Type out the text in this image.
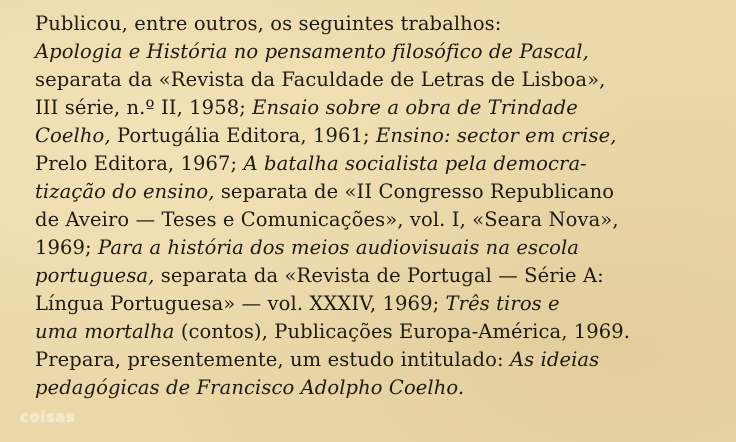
Publicou, entre outros, os seguintes trabalhos:
Apologia e História no pensamento filosófico de Pascal,
separata da «Revista da Faculdade de Letras de Lisboa»,
III série, n.º II, 1958; Ensaio sobre a obra de Trindade
Coelho, Portugália Editora, 1961; Ensino: sector em crise,
Prelo Editora, 1967; A batalha socialista pela democra-
tização do ensino, separata de «II Congresso Republicano
de Aveiro — Teses e Comunicações», vol. I, «Seara Nova»,
1969; Para a história dos meios audiovisuais na escola
portuguesa, separata da «Revista de Portugal — Série A:
Língua Portuguesa» — vol. XXXIV, 1969; Três tiros e
uma mortalha (contos), Publicações Europa-América, 1969.
Prepara, presentemente, um estudo intitulado: As ideias
pedagógicas de Francisco Adolpho Coelho.
coisas
